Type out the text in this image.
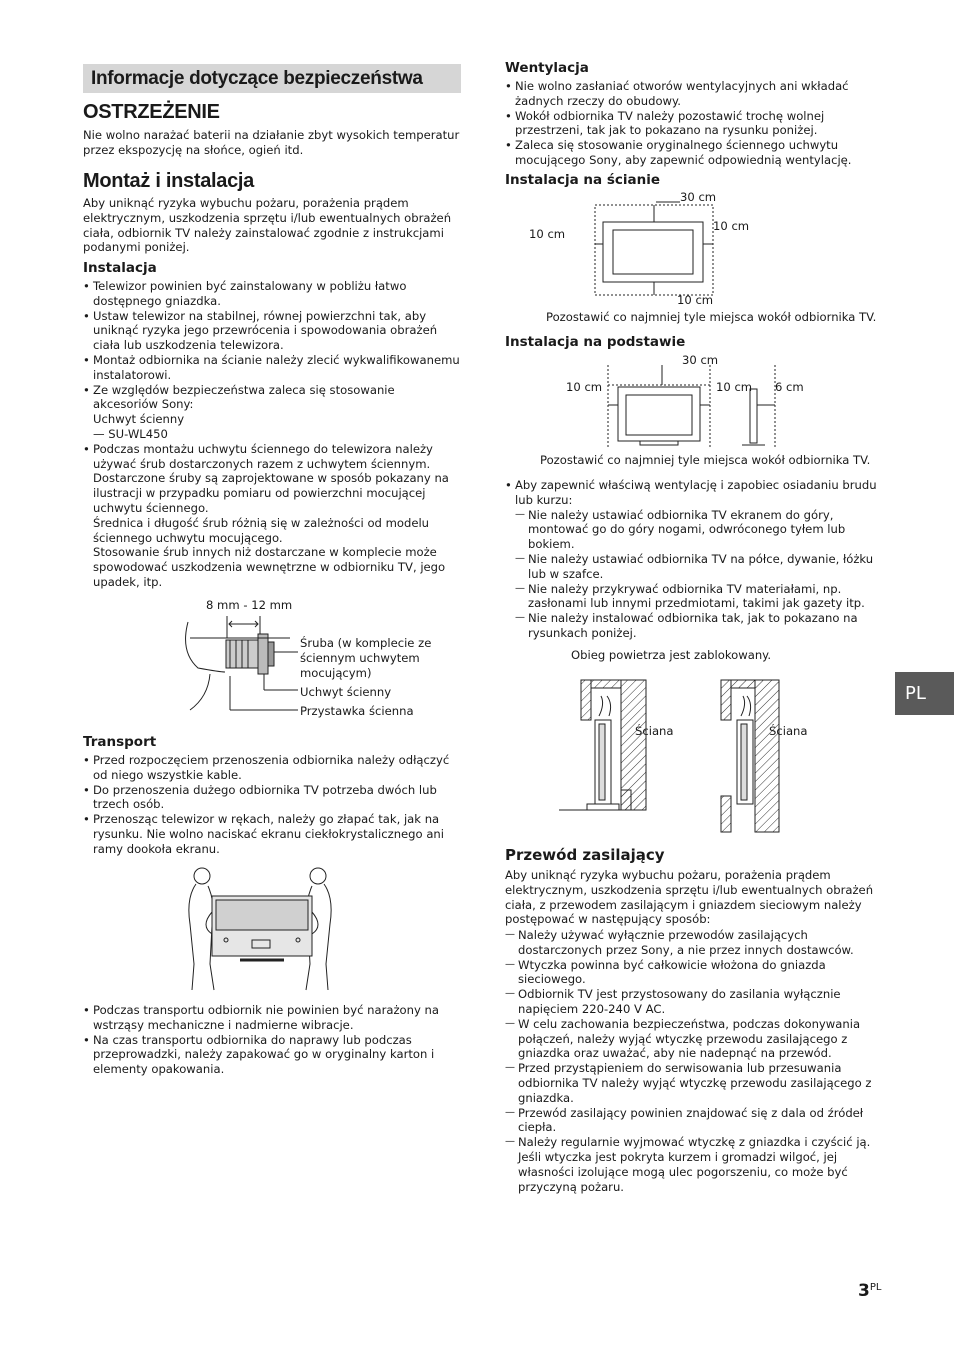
Informacje dotyczące bezpieczeństwa
OSTRZEŻENIE
Nie wolno narażać baterii na działanie zbyt wysokich temperatur przez ekspozycję na słońce, ogień itd.
Montaż i instalacja
Aby uniknąć ryzyka wybuchu pożaru, porażenia prądem elektrycznym, uszkodzenia sprzętu i/lub ewentualnych obrażeń ciała, odbiornik TV należy zainstalować zgodnie z instrukcjami podanymi poniżej.
Instalacja
• Telewizor powinien być zainstalowany w pobliżu łatwo dostępnego gniazdka.
• Ustaw telewizor na stabilnej, równej powierzchni tak, aby uniknąć ryzyka jego przewrócenia i spowodowania obrażeń ciała lub uszkodzenia telewizora.
• Montaż odbiornika na ścianie należy zlecić wykwalifikowanemu instalatorowi.
• Ze względów bezpieczeństwa zaleca się stosowanie akcesoriów Sony:
Uchwyt ścienny
— SU-WL450
• Podczas montażu uchwytu ściennego do telewizora należy używać śrub dostarczonych razem z uchwytem ściennym. Dostarczone śruby są zaprojektowane w sposób pokazany na ilustracji w przypadku pomiaru od powierzchni mocującej uchwytu ściennego.
Średnica i długość śrub różnią się w zależności od modelu ściennego uchwytu mocującego.
Stosowanie śrub innych niż dostarczane w komplecie może spowodować uszkodzenia wewnętrzne w odbiorniku TV, jego upadek, itp.
8 mm - 12 mm
Śruba (w komplecie ze ściennym uchwytem mocującym)
Uchwyt ścienny
Przystawka ścienna
Transport
• Przed rozpoczęciem przenoszenia odbiornika należy odłączyć od niego wszystkie kable.
• Do przenoszenia dużego odbiornika TV potrzeba dwóch lub trzech osób.
• Przenosząc telewizor w rękach, należy go złapać tak, jak na rysunku. Nie wolno naciskać ekranu ciekłokrystalicznego ani ramy dookoła ekranu.
• Podczas transportu odbiornik nie powinien być narażony na wstrząsy mechaniczne i nadmierne wibracje.
• Na czas transportu odbiornika do naprawy lub podczas przeprowadzki, należy zapakować go w oryginalny karton i elementy opakowania.
Wentylacja
• Nie wolno zasłaniać otworów wentylacyjnych ani wkładać żadnych rzeczy do obudowy.
• Wokół odbiornika TV należy pozostawić trochę wolnej przestrzeni, tak jak to pokazano na rysunku poniżej.
• Zaleca się stosowanie oryginalnego ściennego uchwytu mocującego Sony, aby zapewnić odpowiednią wentylację.
Instalacja na ścianie
30 cm
10 cm
10 cm
10 cm
Pozostawić co najmniej tyle miejsca wokół odbiornika TV.
Instalacja na podstawie
30 cm
10 cm	10 cm 6 cm
Pozostawić co najmniej tyle miejsca wokół odbiornika TV.
• Aby zapewnić właściwą wentylację i zapobiec osiadaniu brudu lub kurzu:
— Nie należy ustawiać odbiornika TV ekranem do góry, montować go do góry nogami, odwróconego tyłem lub bokiem.
— Nie należy ustawiać odbiornika TV na półce, dywanie, łóżku lub w szafce.
— Nie należy przykrywać odbiornika TV materiałami, np. zasłonami lub innymi przedmiotami, takimi jak gazety itp.
— Nie należy instalować odbiornika tak, jak to pokazano na rysunkach poniżej.
Obieg powietrza jest zablokowany.
Ściana	Ściana
Przewód zasilający
Aby uniknąć ryzyka wybuchu pożaru, porażenia prądem elektrycznym, uszkodzenia sprzętu i/lub ewentualnych obrażeń ciała, z przewodem zasilającym i gniazdem sieciowym należy postępować w następujący sposób:
— Należy używać wyłącznie przewodów zasilających dostarczonych przez Sony, a nie przez innych dostawców.
— Wtyczka powinna być całkowicie włożona do gniazda sieciowego.
— Odbiornik TV jest przystosowany do zasilania wyłącznie napięciem 220-240 V AC.
— W celu zachowania bezpieczeństwa, podczas dokonywania połączeń, należy wyjąć wtyczkę przewodu zasilającego z gniazdka oraz uważać, aby nie nadepnąć na przewód.
— Przed przystąpieniem do serwisowania lub przesuwania odbiornika TV należy wyjąć wtyczkę przewodu zasilającego z gniazdka.
— Przewód zasilający powinien znajdować się z dala od źródeł ciepła.
— Należy regularnie wyjmować wtyczkę z gniazdka i czyścić ją. Jeśli wtyczka jest pokryta kurzem i gromadzi wilgoć, jej własności izolujące mogą ulec pogorszeniu, co może być przyczyną pożaru.
PL
$3^{PL}$
